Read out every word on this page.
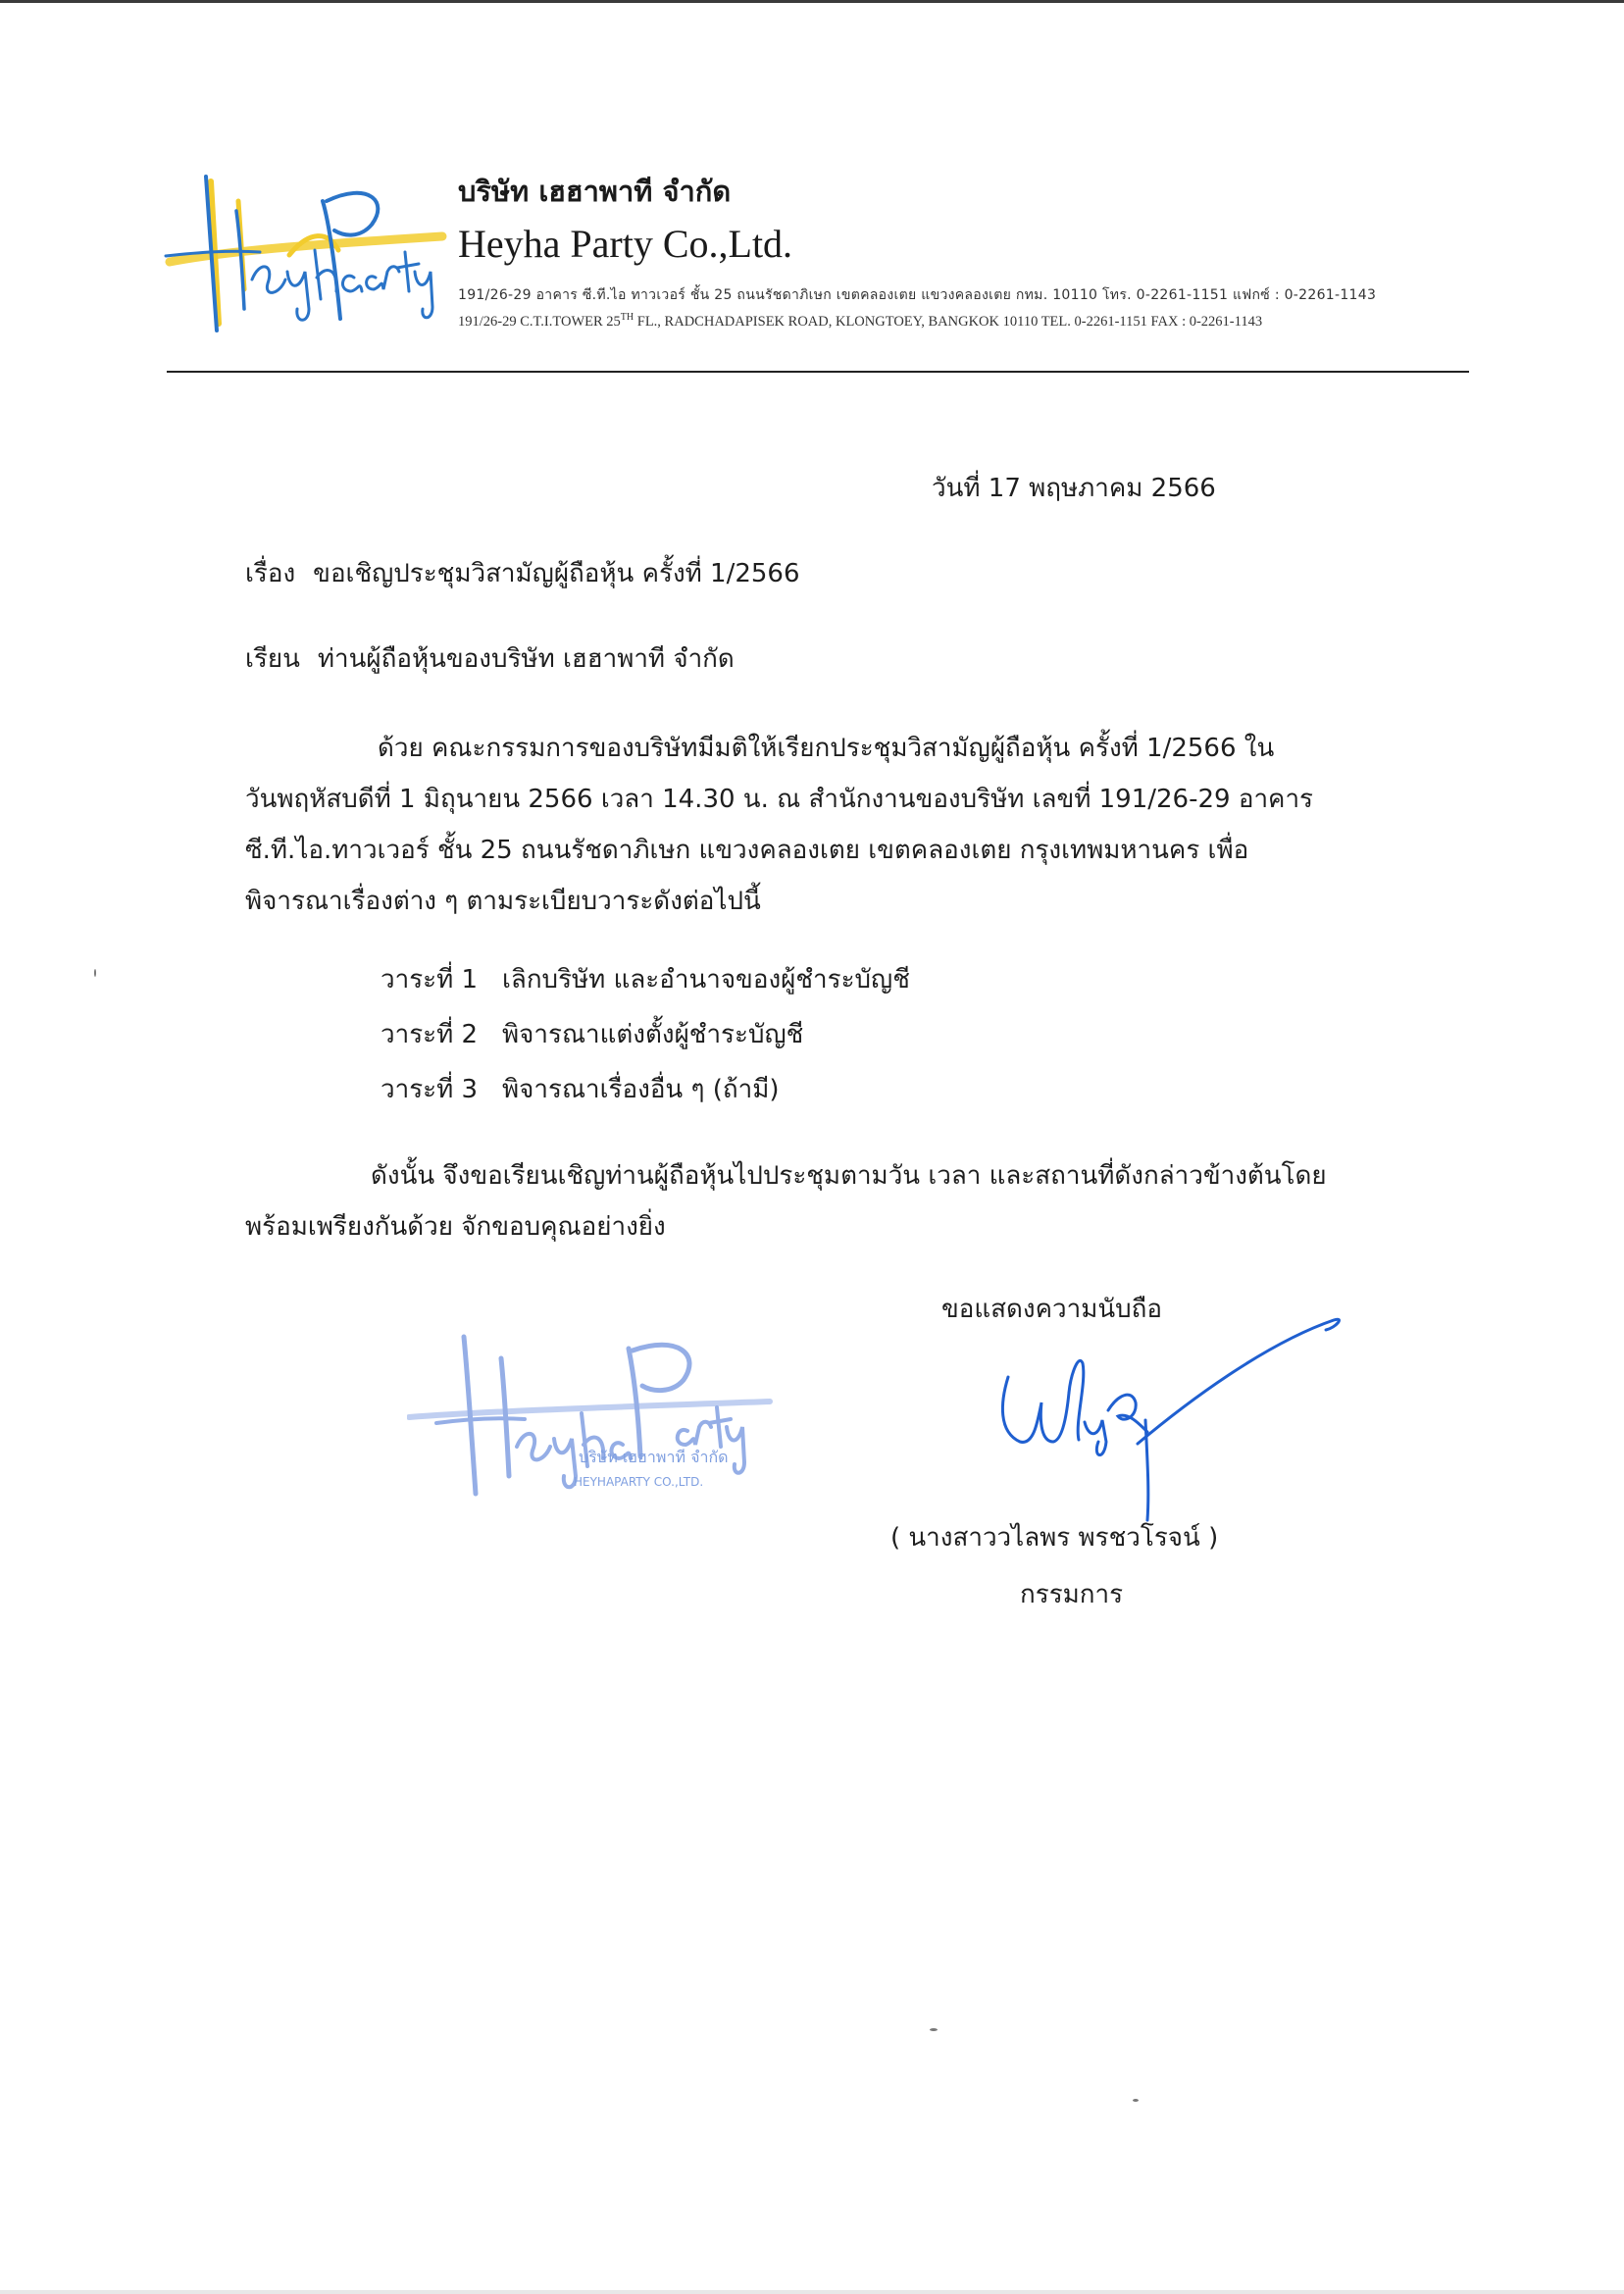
บริษัท เฮฮาพาที จำกัด
Heyha Party Co.,Ltd.
191/26-29 อาคาร ซี.ที.ไอ ทาวเวอร์ ชั้น 25 ถนนรัชดาภิเษก เขตคลองเตย แขวงคลองเตย กทม. 10110 โทร. 0-2261-1151 แฟกซ์ : 0-2261-1143
191/26-29 C.T.I.TOWER 25TH FL., RADCHADAPISEK ROAD, KLONGTOEY, BANGKOK 10110 TEL. 0-2261-1151 FAX : 0-2261-1143
วันที่ 17 พฤษภาคม 2566
เรื่อง ขอเชิญประชุมวิสามัญผู้ถือหุ้น ครั้งที่ 1/2566
เรียน ท่านผู้ถือหุ้นของบริษัท เฮฮาพาที จำกัด
ด้วย คณะกรรมการของบริษัทมีมติให้เรียกประชุมวิสามัญผู้ถือหุ้น ครั้งที่ 1/2566 ใน
วันพฤหัสบดีที่ 1 มิถุนายน 2566 เวลา 14.30 น. ณ สำนักงานของบริษัท เลขที่ 191/26-29 อาคาร
ซี.ที.ไอ.ทาวเวอร์ ชั้น 25 ถนนรัชดาภิเษก แขวงคลองเตย เขตคลองเตย กรุงเทพมหานคร เพื่อ
พิจารณาเรื่องต่าง ๆ ตามระเบียบวาระดังต่อไปนี้
วาระที่ 1 เลิกบริษัท และอำนาจของผู้ชำระบัญชี
วาระที่ 2 พิจารณาแต่งตั้งผู้ชำระบัญชี
วาระที่ 3 พิจารณาเรื่องอื่น ๆ (ถ้ามี)
ดังนั้น จึงขอเรียนเชิญท่านผู้ถือหุ้นไปประชุมตามวัน เวลา และสถานที่ดังกล่าวข้างต้นโดย
พร้อมเพรียงกันด้วย จักขอบคุณอย่างยิ่ง
ขอแสดงความนับถือ
บริษัท เฮฮาพาที จำกัด
HEYHAPARTY CO.,LTD.
( นางสาววไลพร พรชวโรจน์ )
กรรมการ
